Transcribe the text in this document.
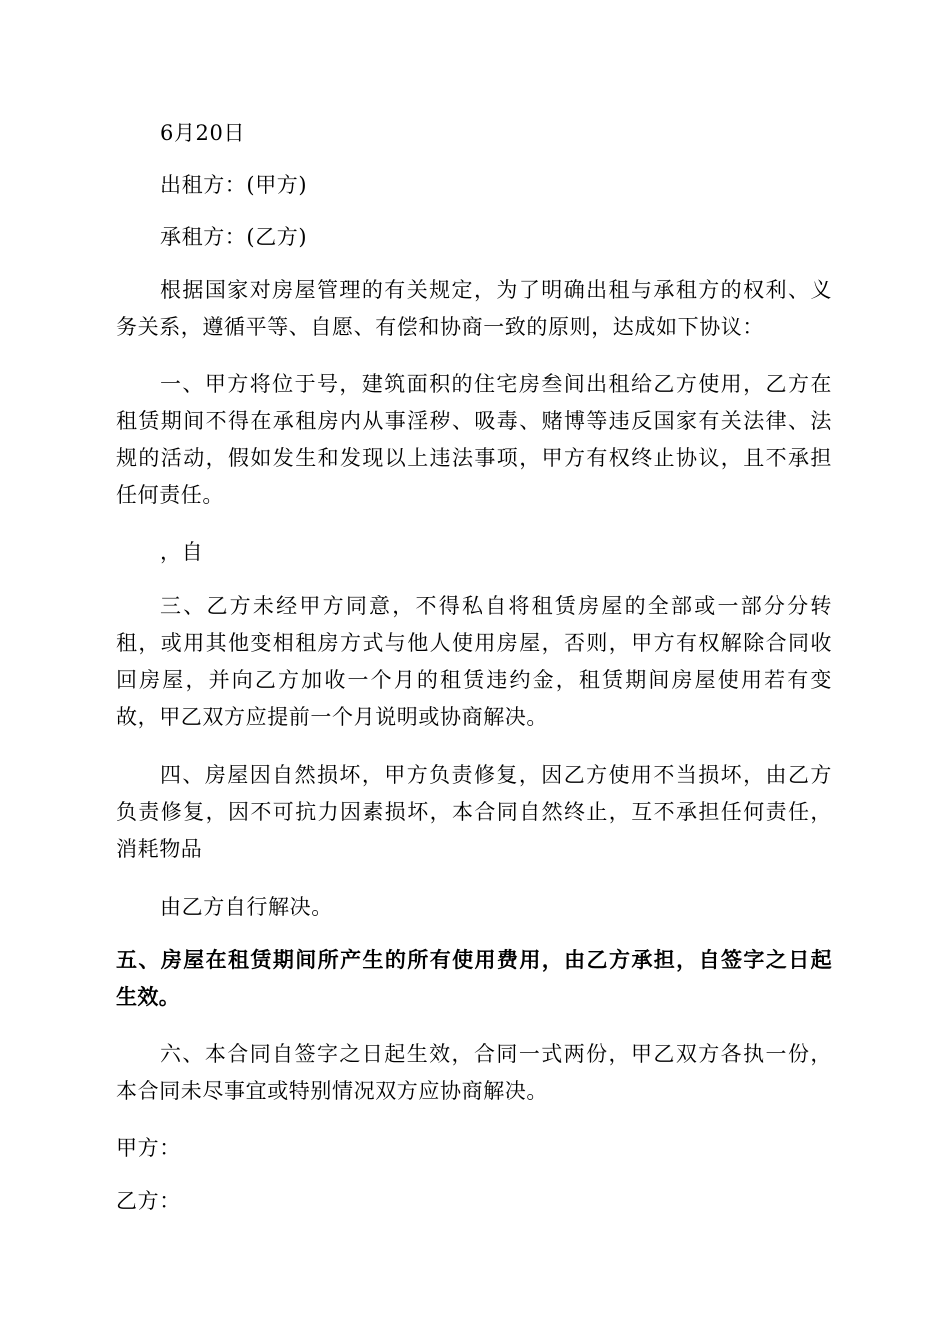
6月20日

出租方：(甲方)

承租方：(乙方)

根据国家对房屋管理的有关规定，为了明确出租与承租方的权利、义
务关系，遵循平等、自愿、有偿和协商一致的原则，达成如下协议：
一、甲方将位于号，建筑面积的住宅房叁间出租给乙方使用，乙方在
租赁期间不得在承租房内从事淫秽、吸毒、赌博等违反国家有关法律、法
规的活动，假如发生和发现以上违法事项，甲方有权终止协议，且不承担
任何责任。

，自

三、乙方未经甲方同意，不得私自将租赁房屋的全部或一部分分转
租，或用其他变相租房方式与他人使用房屋，否则，甲方有权解除合同收
回房屋，并向乙方加收一个月的租赁违约金，租赁期间房屋使用若有变
故，甲乙双方应提前一个月说明或协商解决。
四、房屋因自然损坏，甲方负责修复，因乙方使用不当损坏，由乙方
负责修复，因不可抗力因素损坏，本合同自然终止，互不承担任何责任，
消耗物品

由乙方自行解决。

五、房屋在租赁期间所产生的所有使用费用，由乙方承担，自签字之日起
生效。
六、本合同自签字之日起生效，合同一式两份，甲乙双方各执一份，
本合同未尽事宜或特别情况双方应协商解决。

甲方：

乙方：
